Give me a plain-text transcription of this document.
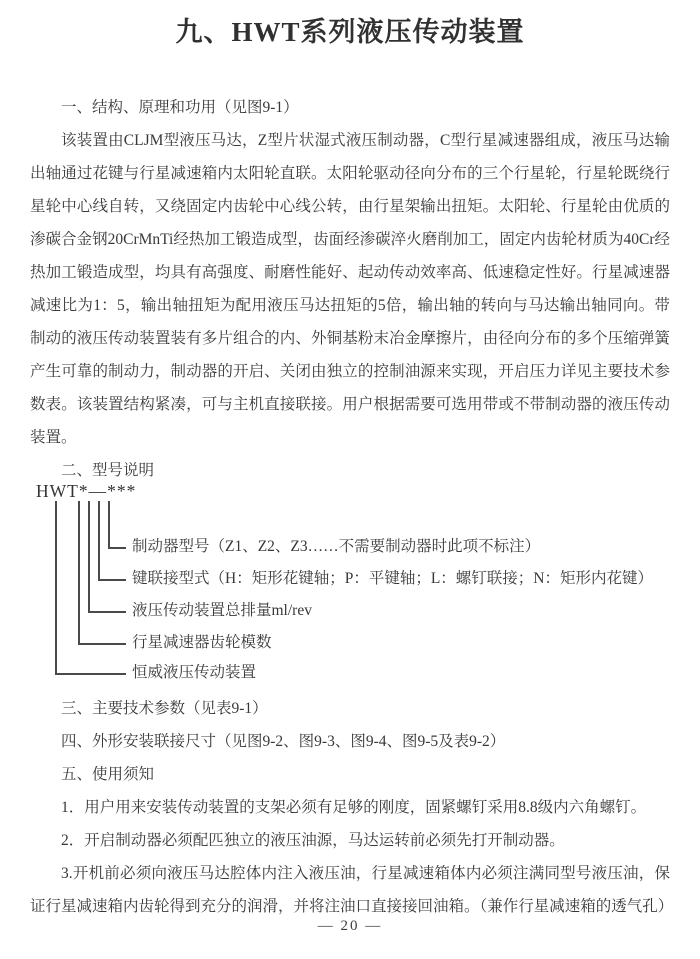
九、HWT系列液压传动装置
一、结构、原理和功用（见图9-1）
该装置由CLJM型液压马达，Z型片状湿式液压制动器，C型行星减速器组成，液压马达输出轴通过花键与行星减速箱内太阳轮直联。太阳轮驱动径向分布的三个行星轮，行星轮既绕行星轮中心线自转，又绕固定内齿轮中心线公转，由行星架输出扭矩。太阳轮、行星轮由优质的渗碳合金钢20CrMnTi经热加工锻造成型，齿面经渗碳淬火磨削加工，固定内齿轮材质为40Cr经热加工锻造成型，均具有高强度、耐磨性能好、起动传动效率高、低速稳定性好。行星减速器减速比为1：5，输出轴扭矩为配用液压马达扭矩的5倍，输出轴的转向与马达输出轴同向。带制动的液压传动装置装有多片组合的内、外铜基粉末冶金摩擦片，由径向分布的多个压缩弹簧产生可靠的制动力，制动器的开启、关闭由独立的控制油源来实现，开启压力详见主要技术参数表。该装置结构紧凑，可与主机直接联接。用户根据需要可选用带或不带制动器的液压传动装置。
二、型号说明
HWT*—***
制动器型号（Z1、Z2、Z3……不需要制动器时此项不标注）
键联接型式（H：矩形花键轴；P：平键轴；L：螺钉联接；N：矩形内花键）
液压传动装置总排量ml/rev
行星减速器齿轮模数
恒威液压传动装置
三、主要技术参数（见表9-1）
四、外形安装联接尺寸（见图9-2、图9-3、图9-4、图9-5及表9-2）
五、使用须知
1．用户用来安装传动装置的支架必须有足够的刚度，固紧螺钉采用8.8级内六角螺钉。
2．开启制动器必须配匹独立的液压油源，马达运转前必须先打开制动器。
3.开机前必须向液压马达腔体内注入液压油，行星减速箱体内必须注满同型号液压油，保证行星减速箱内齿轮得到充分的润滑，并将注油口直接接回油箱。（兼作行星减速箱的透气孔）
— 20 —
